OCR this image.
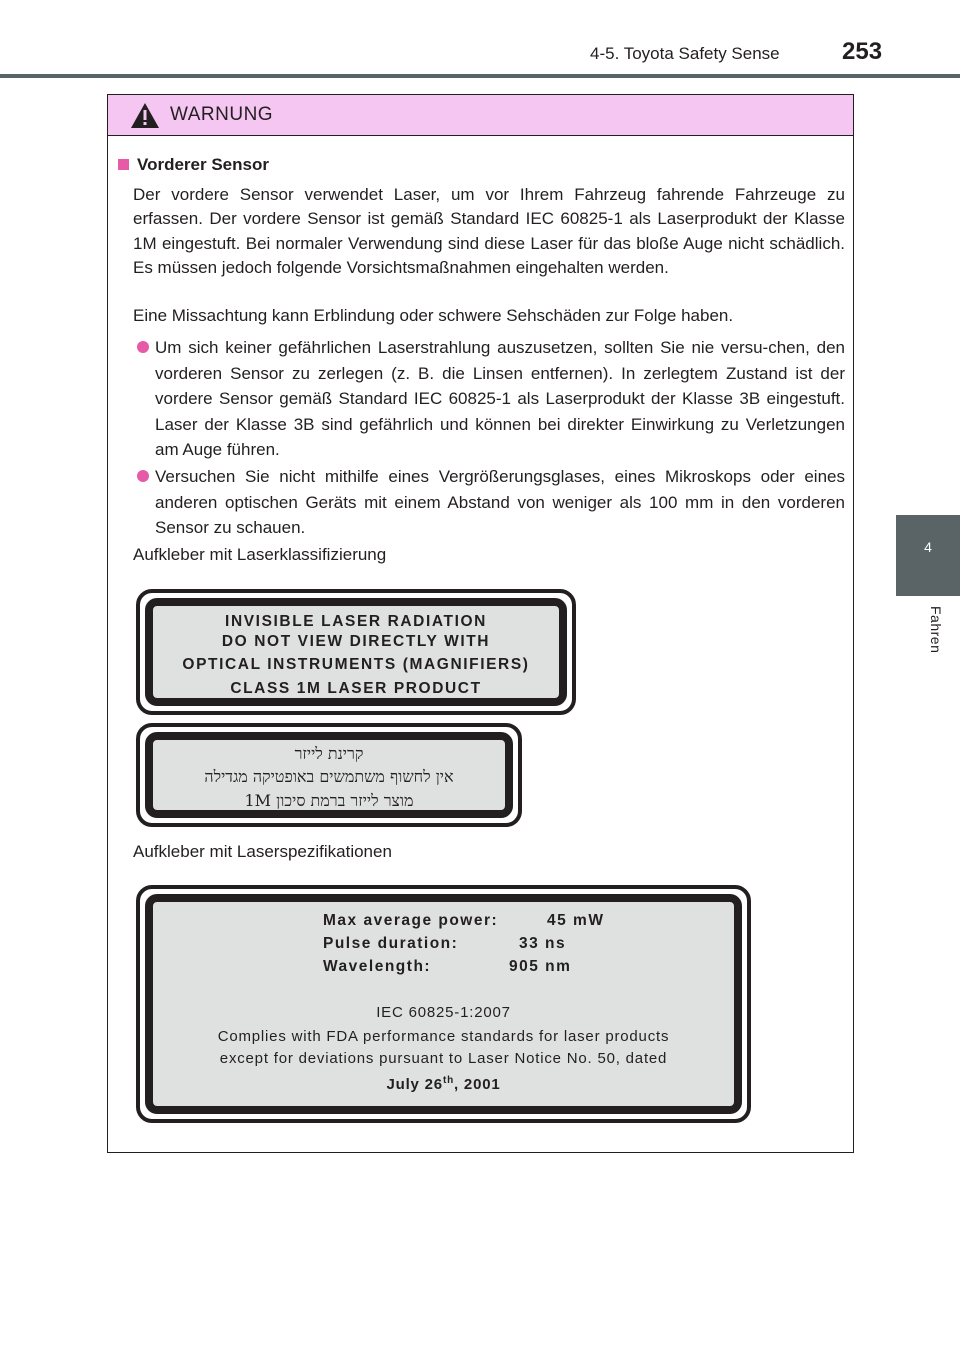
4-5. Toyota Safety Sense	253
4
Fahren
WARNUNG
Vorderer Sensor
Der vordere Sensor verwendet Laser, um vor Ihrem Fahrzeug fahrende Fahrzeuge zu erfassen. Der vordere Sensor ist gemäß Standard IEC 60825-1 als Laserprodukt der Klasse 1M eingestuft. Bei normaler Verwendung sind diese Laser für das bloße Auge nicht schädlich. Es müssen jedoch folgende Vorsichtsmaßnahmen eingehalten werden.
Eine Missachtung kann Erblindung oder schwere Sehschäden zur Folge haben.
Um sich keiner gefährlichen Laserstrahlung auszusetzen, sollten Sie nie versu-chen, den vorderen Sensor zu zerlegen (z. B. die Linsen entfernen). In zerlegtem Zustand ist der vordere Sensor gemäß Standard IEC 60825-1 als Laserprodukt der Klasse 3B eingestuft. Laser der Klasse 3B sind gefährlich und können bei direkter Einwirkung zu Verletzungen am Auge führen.
Versuchen Sie nicht mithilfe eines Vergrößerungsglases, eines Mikroskops oder eines anderen optischen Geräts mit einem Abstand von weniger als 100 mm in den vorderen Sensor zu schauen.
Aufkleber mit Laserklassifizierung
INVISIBLE LASER RADIATION
DO NOT VIEW DIRECTLY WITH
OPTICAL INSTRUMENTS (MAGNIFIERS)
CLASS 1M LASER PRODUCT
קרינת לייזר
אין לחשוף משתמשים באופטיקה מגדילה
מוצר לייזר ברמת סיכון 1M
Aufkleber mit Laserspezifikationen
Max average power:	45 mW
Pulse duration:	33 ns
Wavelength:	905 nm
IEC 60825-1:2007
Complies with FDA performance standards for laser products
except for deviations pursuant to Laser Notice No. 50, dated
July 26th, 2001
